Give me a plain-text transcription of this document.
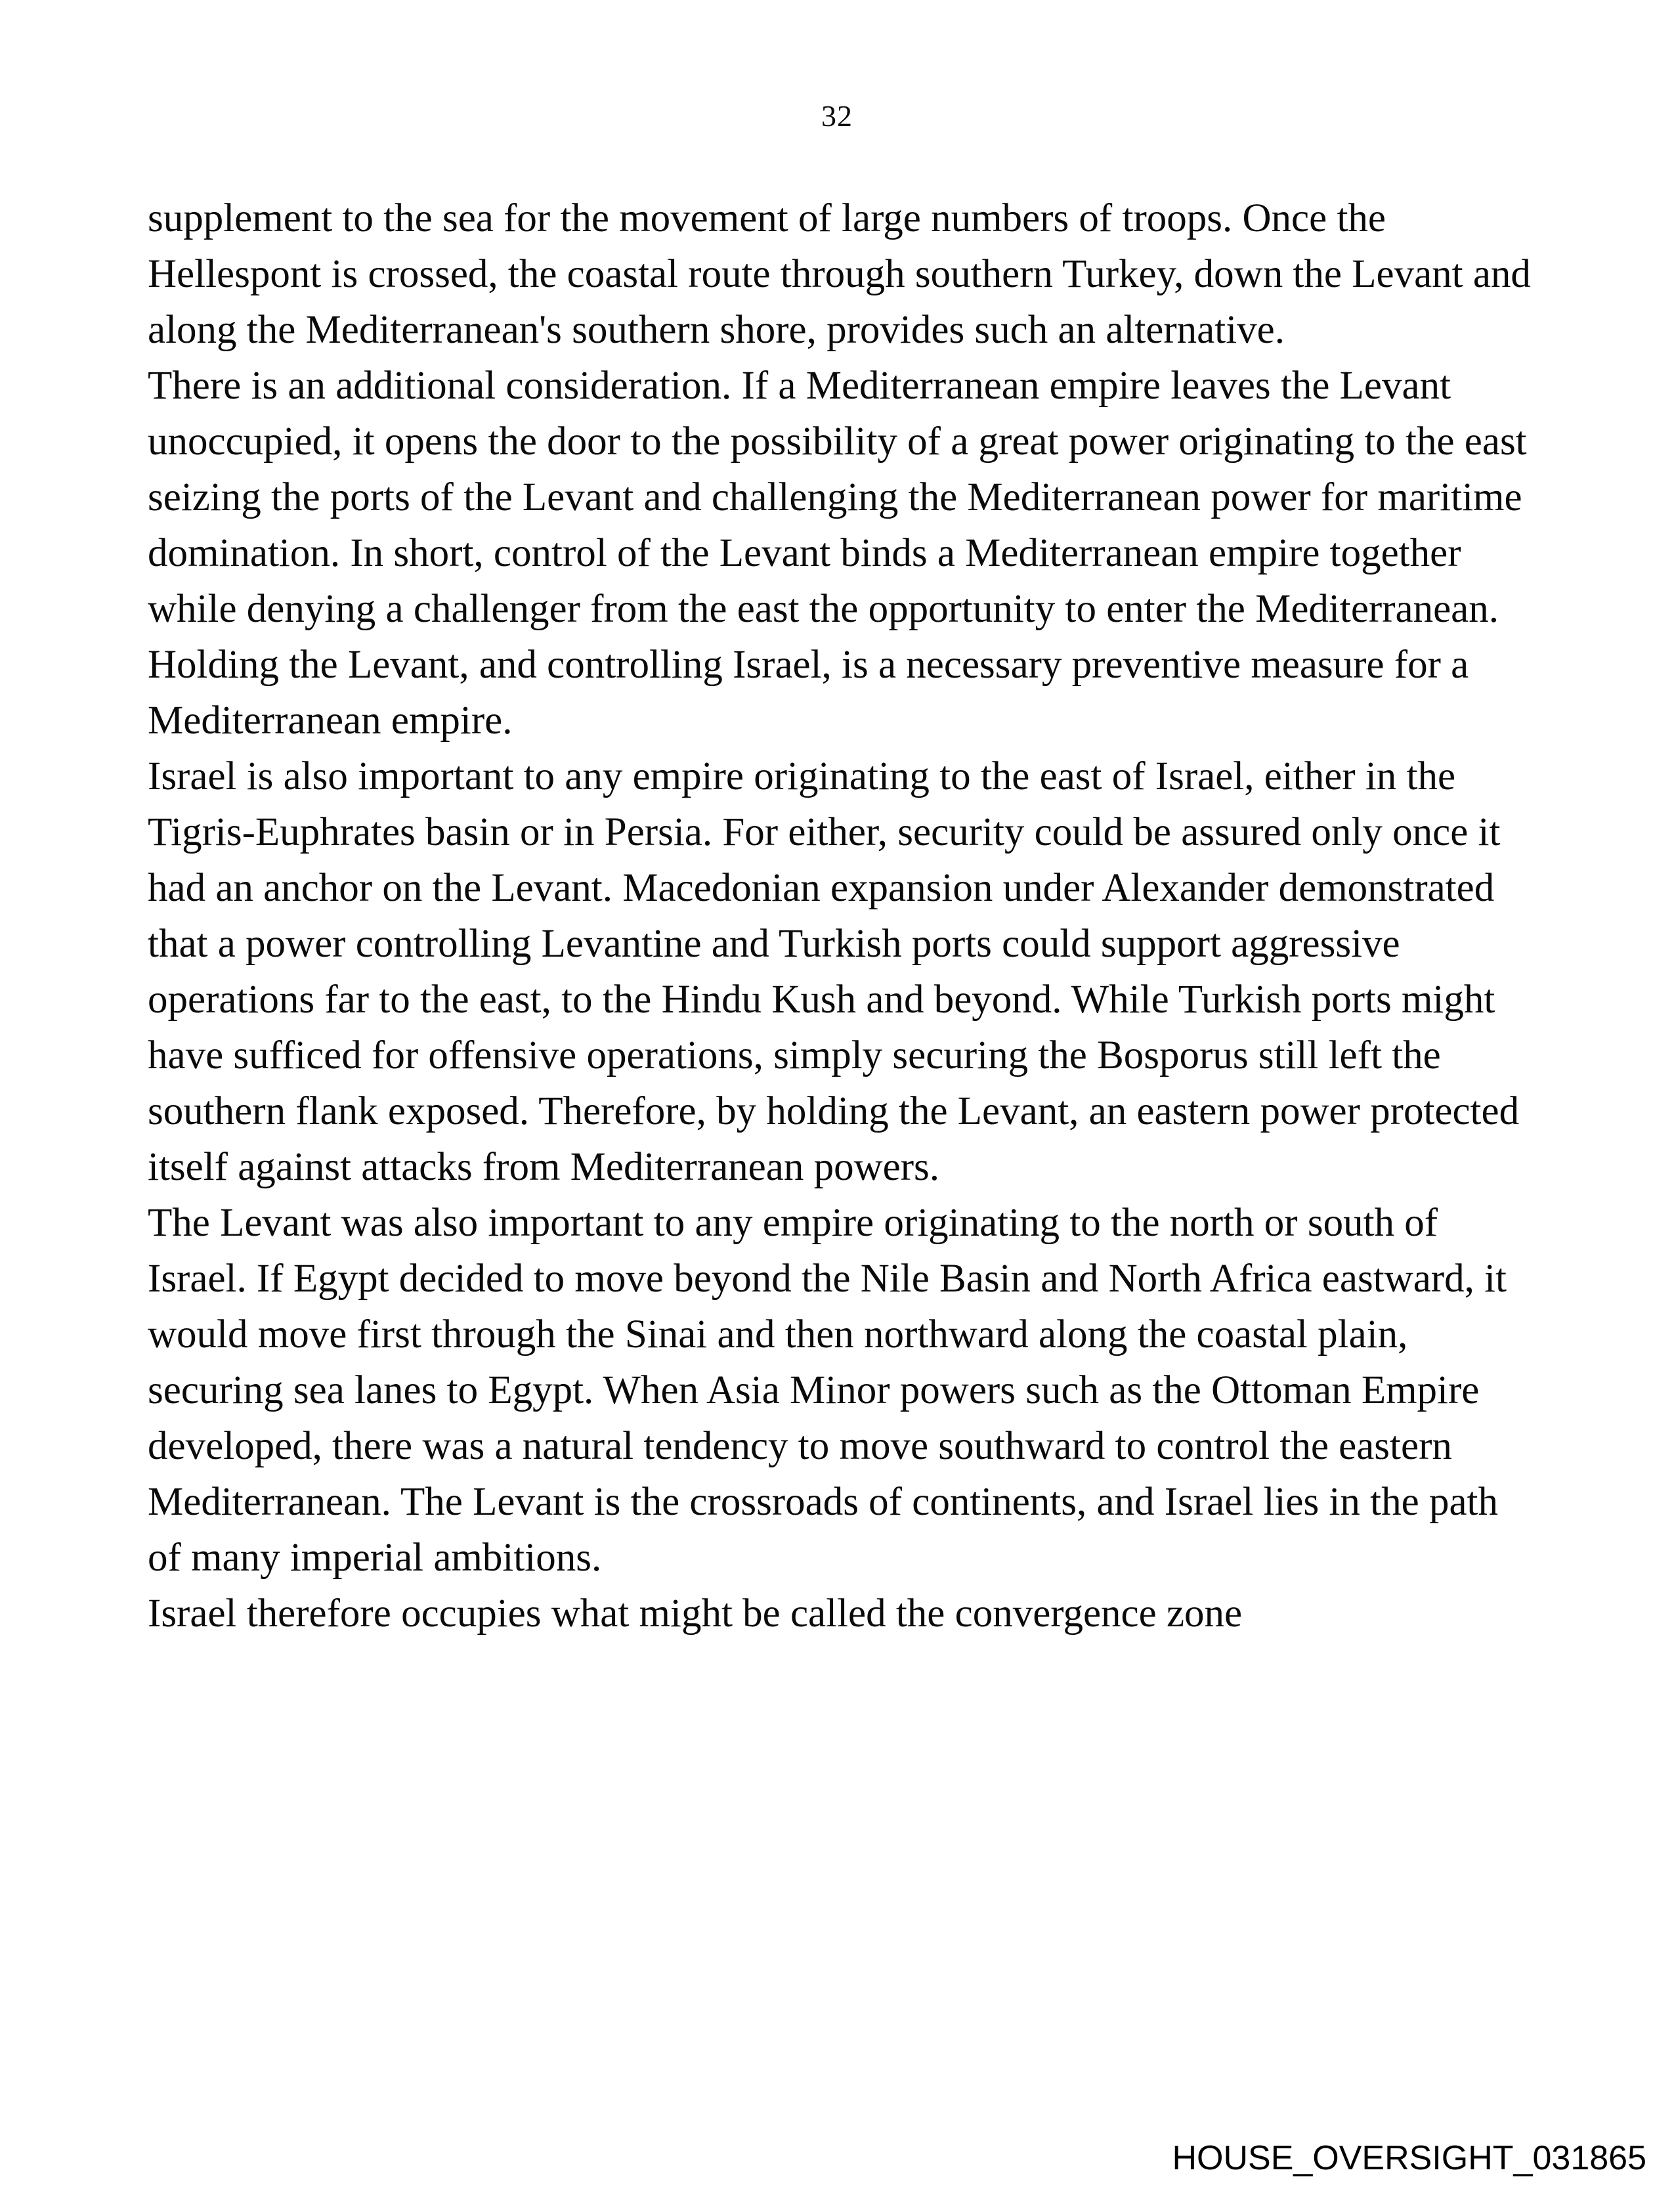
32

supplement to the sea for the movement of large numbers of troops. Once the Hellespont is crossed, the coastal route through southern Turkey, down the Levant and along the Mediterranean's southern shore, provides such an alternative.

There is an additional consideration. If a Mediterranean empire leaves the Levant unoccupied, it opens the door to the possibility of a great power originating to the east seizing the ports of the Levant and challenging the Mediterranean power for maritime domination. In short, control of the Levant binds a Mediterranean empire together while denying a challenger from the east the opportunity to enter the Mediterranean. Holding the Levant, and controlling Israel, is a necessary preventive measure for a Mediterranean empire.

Israel is also important to any empire originating to the east of Israel, either in the Tigris-Euphrates basin or in Persia. For either, security could be assured only once it had an anchor on the Levant. Macedonian expansion under Alexander demonstrated that a power controlling Levantine and Turkish ports could support aggressive operations far to the east, to the Hindu Kush and beyond. While Turkish ports might have sufficed for offensive operations, simply securing the Bosporus still left the southern flank exposed. Therefore, by holding the Levant, an eastern power protected itself against attacks from Mediterranean powers.

The Levant was also important to any empire originating to the north or south of Israel. If Egypt decided to move beyond the Nile Basin and North Africa eastward, it would move first through the Sinai and then northward along the coastal plain, securing sea lanes to Egypt. When Asia Minor powers such as the Ottoman Empire developed, there was a natural tendency to move southward to control the eastern Mediterranean. The Levant is the crossroads of continents, and Israel lies in the path of many imperial ambitions.

Israel therefore occupies what might be called the convergence zone

HOUSE_OVERSIGHT_031865
